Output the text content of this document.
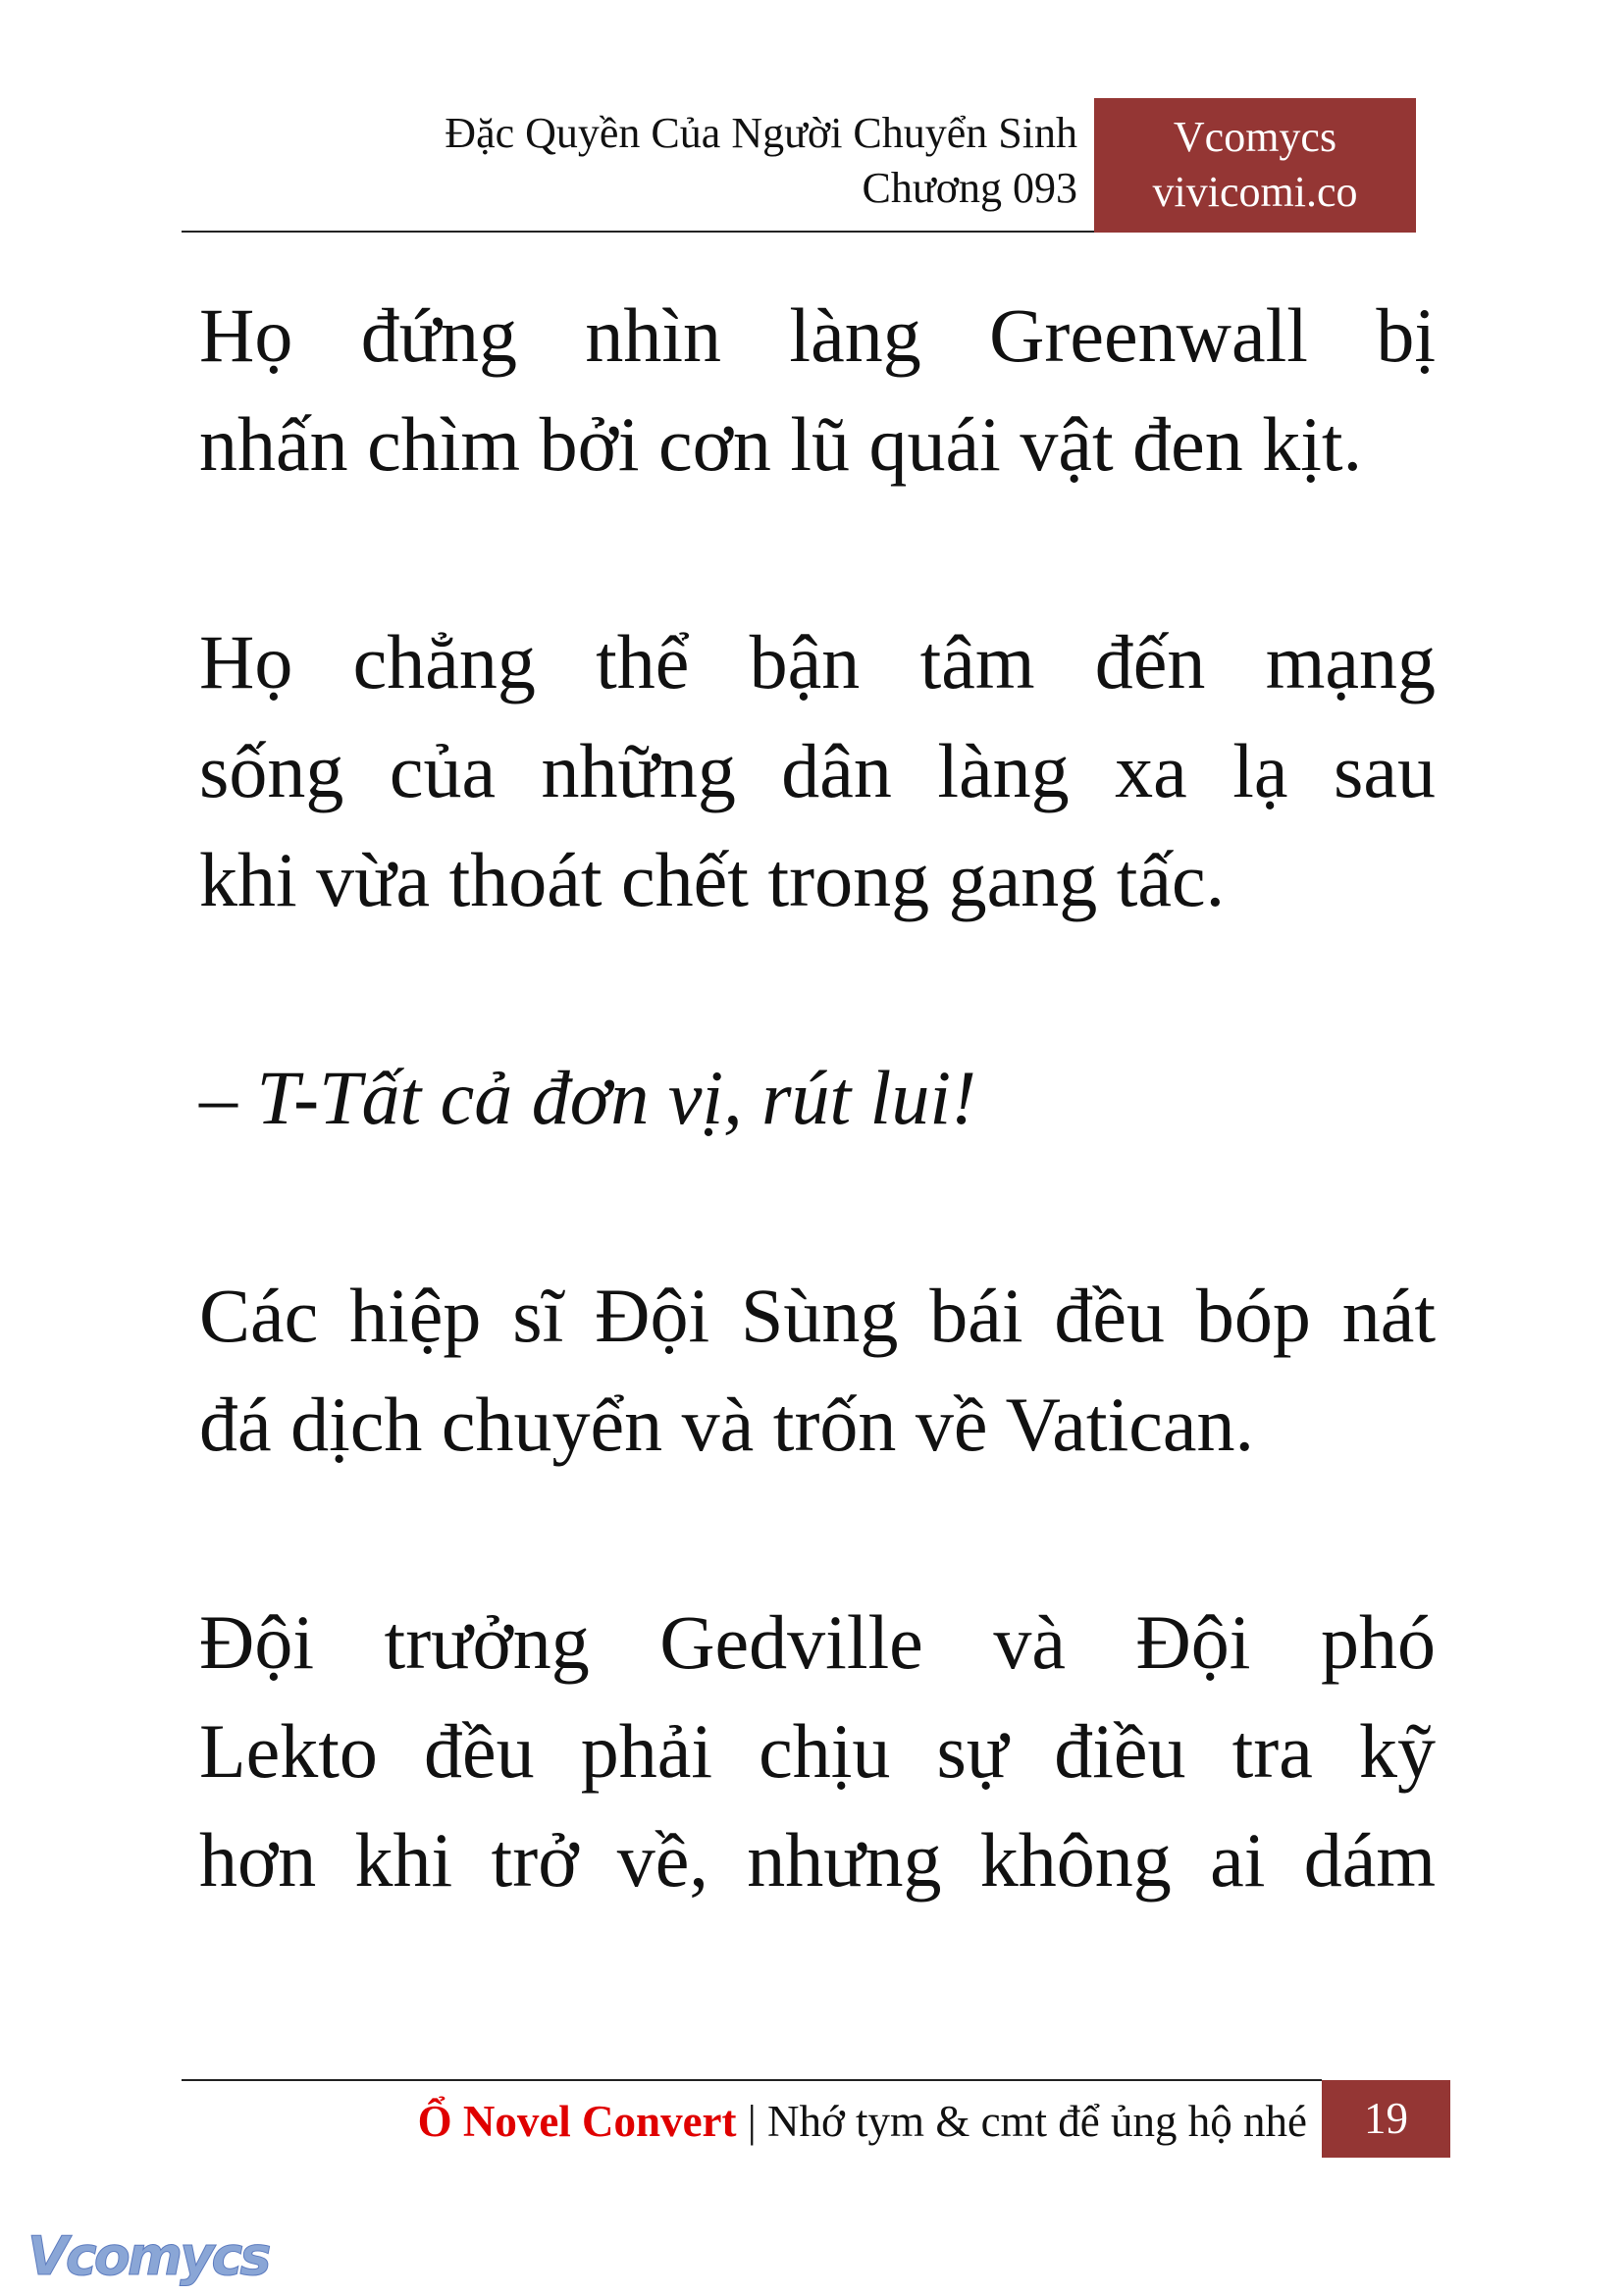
Đặc Quyền Của Người Chuyển Sinh
Chương 093
Vcomycs
vivicomi.co
Họ đứng nhìn làng Greenwall bị
nhấn chìm bởi cơn lũ quái vật đen kịt.
Họ chẳng thể bận tâm đến mạng
sống của những dân làng xa lạ sau
khi vừa thoát chết trong gang tấc.
– T-Tất cả đơn vị, rút lui!
Các hiệp sĩ Đội Sùng bái đều bóp nát
đá dịch chuyển và trốn về Vatican.
Đội trưởng Gedville và Đội phó
Lekto đều phải chịu sự điều tra kỹ
hơn khi trở về, nhưng không ai dám
Ổ Novel Convert | Nhớ tym & cmt để ủng hộ nhé	19
Vcomycs
